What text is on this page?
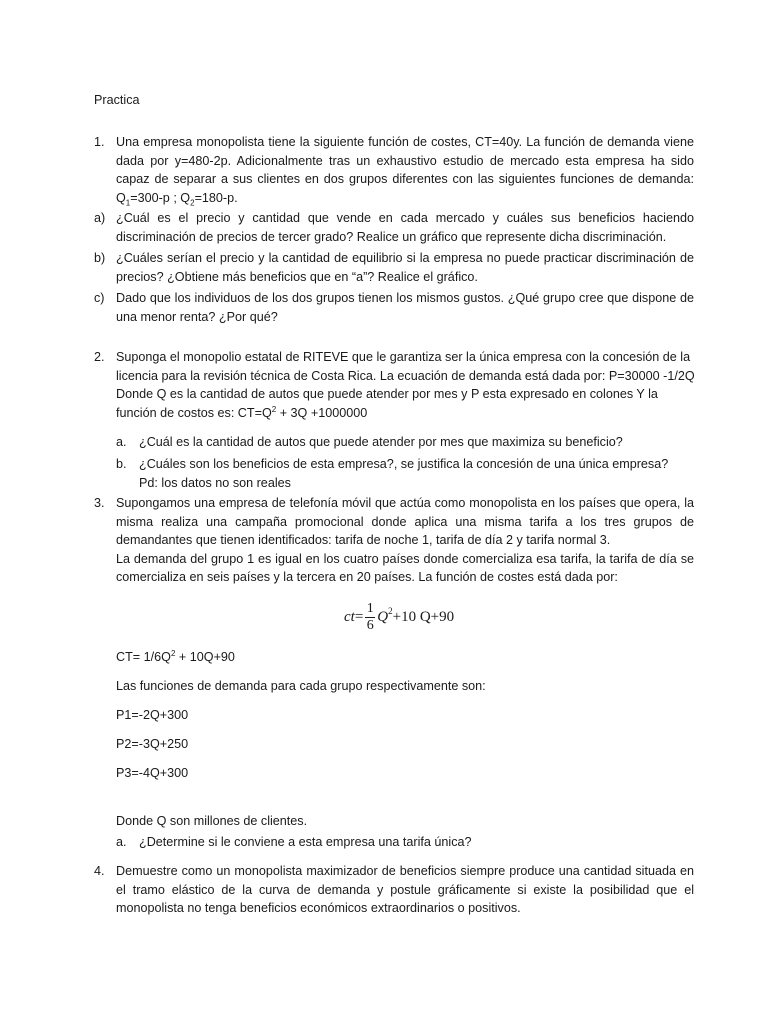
Practica
1. Una empresa monopolista tiene la siguiente función de costes, CT=40y. La función de demanda viene dada por y=480-2p. Adicionalmente tras un exhaustivo estudio de mercado esta empresa ha sido capaz de separar a sus clientes en dos grupos diferentes con las siguientes funciones de demanda: $Q_1=300-p$ ; $Q_2=180-p$.
a) ¿Cuál es el precio y cantidad que vende en cada mercado y cuáles sus beneficios haciendo discriminación de precios de tercer grado? Realice un gráfico que represente dicha discriminación.
b) ¿Cuáles serían el precio y la cantidad de equilibrio si la empresa no puede practicar discriminación de precios? ¿Obtiene más beneficios que en “a”? Realice el gráfico.
c) Dado que los individuos de los dos grupos tienen los mismos gustos. ¿Qué grupo cree que dispone de una menor renta? ¿Por qué?
2. Suponga el monopolio estatal de RITEVE que le garantiza ser la única empresa con la concesión de la
licencia para la revisión técnica de Costa Rica. La ecuación de demanda está dada por: P=30000 -1/2Q
Donde Q es la cantidad de autos que puede atender por mes y P esta expresado en colones Y la
función de costos es: $CT=Q^2 + 3Q +1000000$
a. ¿Cuál es la cantidad de autos que puede atender por mes que maximiza su beneficio?
b. ¿Cuáles son los beneficios de esta empresa?, se justifica la concesión de una única empresa?
Pd: los datos no son reales
3. Supongamos una empresa de telefonía móvil que actúa como monopolista en los países que opera, la misma realiza una campaña promocional donde aplica una misma tarifa a los tres grupos de demandantes que tienen identificados: tarifa de noche 1, tarifa de día 2 y tarifa normal 3.
La demanda del grupo 1 es igual en los cuatro países donde comercializa esa tarifa, la tarifa de día se comercializa en seis países y la tercera en 20 países. La función de costes está dada por:
ct = $\frac{1}{6}$ Q 2 +10 Q+90
$CT= 1/6Q^2 + 10Q+90$
Las funciones de demanda para cada grupo respectivamente son:
P1=-2Q+300
P2=-3Q+250
P3=-4Q+300
Donde Q son millones de clientes.
a. ¿Determine si le conviene a esta empresa una tarifa única?
4. Demuestre como un monopolista maximizador de beneficios siempre produce una cantidad situada en el tramo elástico de la curva de demanda y postule gráficamente si existe la posibilidad que el monopolista no tenga beneficios económicos extraordinarios o positivos.
